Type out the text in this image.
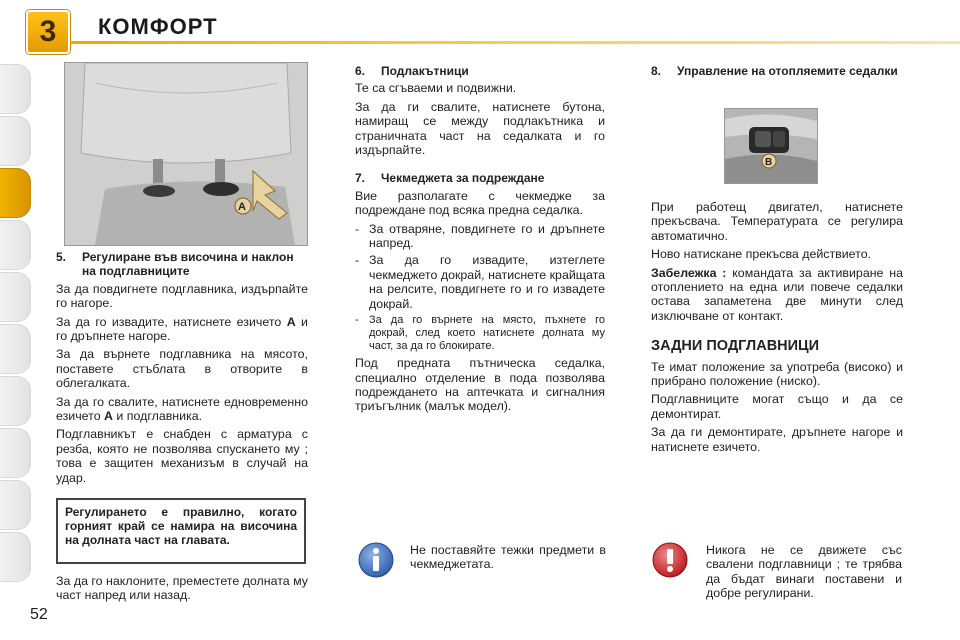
3	КОМФОРТ
A
5.	Регулиране във височина и наклон на подглавниците

За да повдигнете подглавника, издърпайте го нагоре.

За да го извадите, натиснете езичето A и го дръпнете нагоре.

За да върнете подглавника на мясото, поставете стъблата в отворите в облегалката.

За да го свалите, натиснете едновременно езичето A и подглавника.

Подглавникът е снабден с арматура с резба, която не позволява спускането му ; това е защитен механизъм в случай на удар.

Регулирането е правилно, когато горният край се намира на височина на долната част на главата.

За да го наклоните, преместете долната му част напред или назад.

6.	Подлакътници

Те са сгъваеми и подвижни.

За да ги свалите, натиснете бутона, намиращ се между подлакътника и страничната част на седалката и го издърпайте.

7.	Чекмеджета за подрежданe

Вие разполагате с чекмедже за подреждане под всяка предна седалка.

- За отваряне, повдигнете го и дръпнете напред.
- За да го извадите, изтеглете чекмеджето докрай, натиснете крайщата на релсите, повдигнете го и го извадете докрай.
- За да го върнете на място, пъхнете го докрай, след което натиснете долната му част, за да го блокирате.

Под предната пътническа седалка, специално отделение в пода позволява подреждането на аптечката и сигналния триъгълник (малък модел).

Не поставяйте тежки предмети в чекмеджетата.
B
8.	Управление на отопляемите седалки

При работещ двигател, натиснете прекъсвача. Температурата се регулира автоматично.

Ново натискане прекъсва действието.

Забележка : командата за активиране на отоплението на една или повече седалки остава запаметена две минути след изключване от контакт.

ЗАДНИ ПОДГЛАВНИЦИ

Те имат положение за употреба (високо) и прибрано положение (ниско).

Подглавниците могат също и да се демонтират.

За да ги демонтирате, дръпнете нагоре и натиснете езичето.

Никога не се движете със свалени подглавници ; те трябва да бъдат винаги поставени и добре регулирани.
52
